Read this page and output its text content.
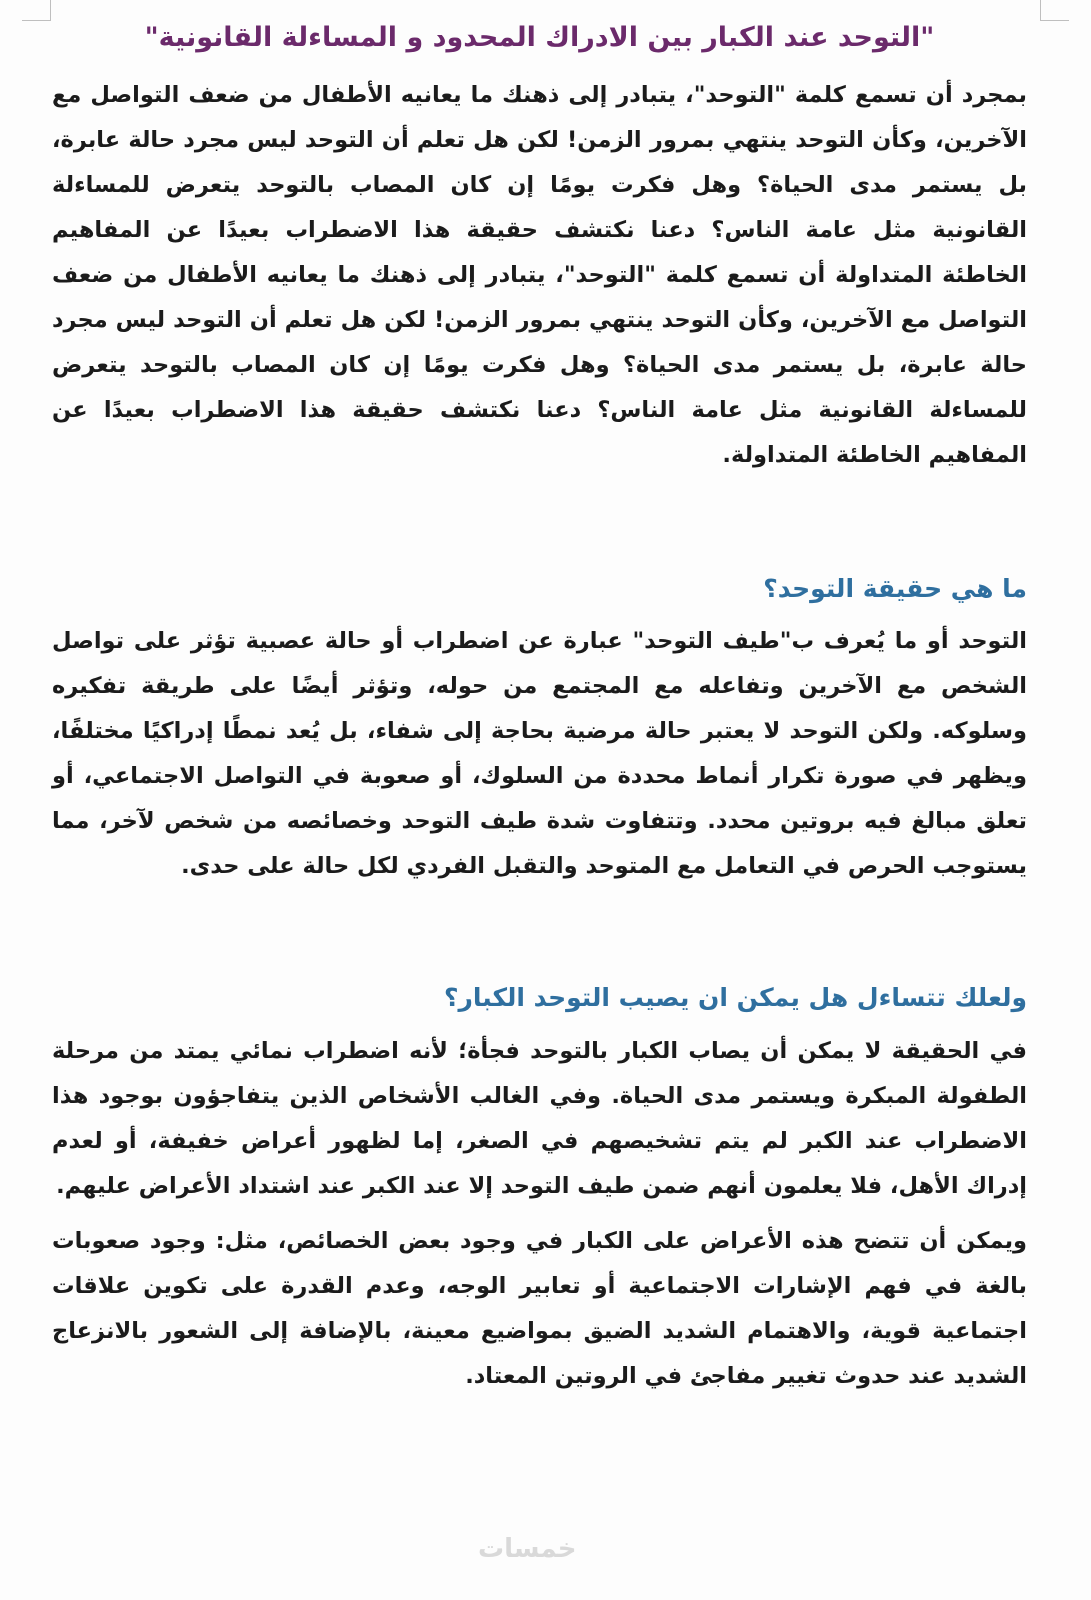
"التوحد عند الكبار بين الادراك المحدود و المساءلة القانونية"

بمجرد أن تسمع كلمة "التوحد"، يتبادر إلى ذهنك ما يعانيه الأطفال من ضعف التواصل مع الآخرين، وكأن التوحد ينتهي بمرور الزمن! لكن هل تعلم أن التوحد ليس مجرد حالة عابرة، بل يستمر مدى الحياة؟ وهل فكرت يومًا إن كان المصاب بالتوحد يتعرض للمساءلة القانونية مثل عامة الناس؟ دعنا نكتشف حقيقة هذا الاضطراب بعيدًا عن المفاهيم الخاطئة المتداولة أن تسمع كلمة "التوحد"، يتبادر إلى ذهنك ما يعانيه الأطفال من ضعف التواصل مع الآخرين، وكأن التوحد ينتهي بمرور الزمن! لكن هل تعلم أن التوحد ليس مجرد حالة عابرة، بل يستمر مدى الحياة؟ وهل فكرت يومًا إن كان المصاب بالتوحد يتعرض للمساءلة القانونية مثل عامة الناس؟ دعنا نكتشف حقيقة هذا الاضطراب بعيدًا عن المفاهيم الخاطئة المتداولة.

ما هي حقيقة التوحد؟

التوحد أو ما يُعرف ب"طيف التوحد" عبارة عن اضطراب أو حالة عصبية تؤثر على تواصل الشخص مع الآخرين وتفاعله مع المجتمع من حوله، وتؤثر أيضًا على طريقة تفكيره وسلوكه. ولكن التوحد لا يعتبر حالة مرضية بحاجة إلى شفاء، بل يُعد نمطًا إدراكيًا مختلفًا، ويظهر في صورة تكرار أنماط محددة من السلوك، أو صعوبة في التواصل الاجتماعي، أو تعلق مبالغ فيه بروتين محدد. وتتفاوت شدة طيف التوحد وخصائصه من شخص لآخر، مما يستوجب الحرص في التعامل مع المتوحد والتقبل الفردي لكل حالة على حدى.

ولعلك تتساءل هل يمكن ان يصيب التوحد الكبار؟

في الحقيقة لا يمكن أن يصاب الكبار بالتوحد فجأة؛ لأنه اضطراب نمائي يمتد من مرحلة الطفولة المبكرة ويستمر مدى الحياة. وفي الغالب الأشخاص الذين يتفاجؤون بوجود هذا الاضطراب عند الكبر لم يتم تشخيصهم في الصغر، إما لظهور أعراض خفيفة، أو لعدم إدراك الأهل، فلا يعلمون أنهم ضمن طيف التوحد إلا عند الكبر عند اشتداد الأعراض عليهم.

ويمكن أن تتضح هذه الأعراض على الكبار في وجود بعض الخصائص، مثل: وجود صعوبات بالغة في فهم الإشارات الاجتماعية أو تعابير الوجه، وعدم القدرة على تكوين علاقات اجتماعية قوية، والاهتمام الشديد الضيق بمواضيع معينة، بالإضافة إلى الشعور بالانزعاج الشديد عند حدوث تغيير مفاجئ في الروتين المعتاد.

خمسات
